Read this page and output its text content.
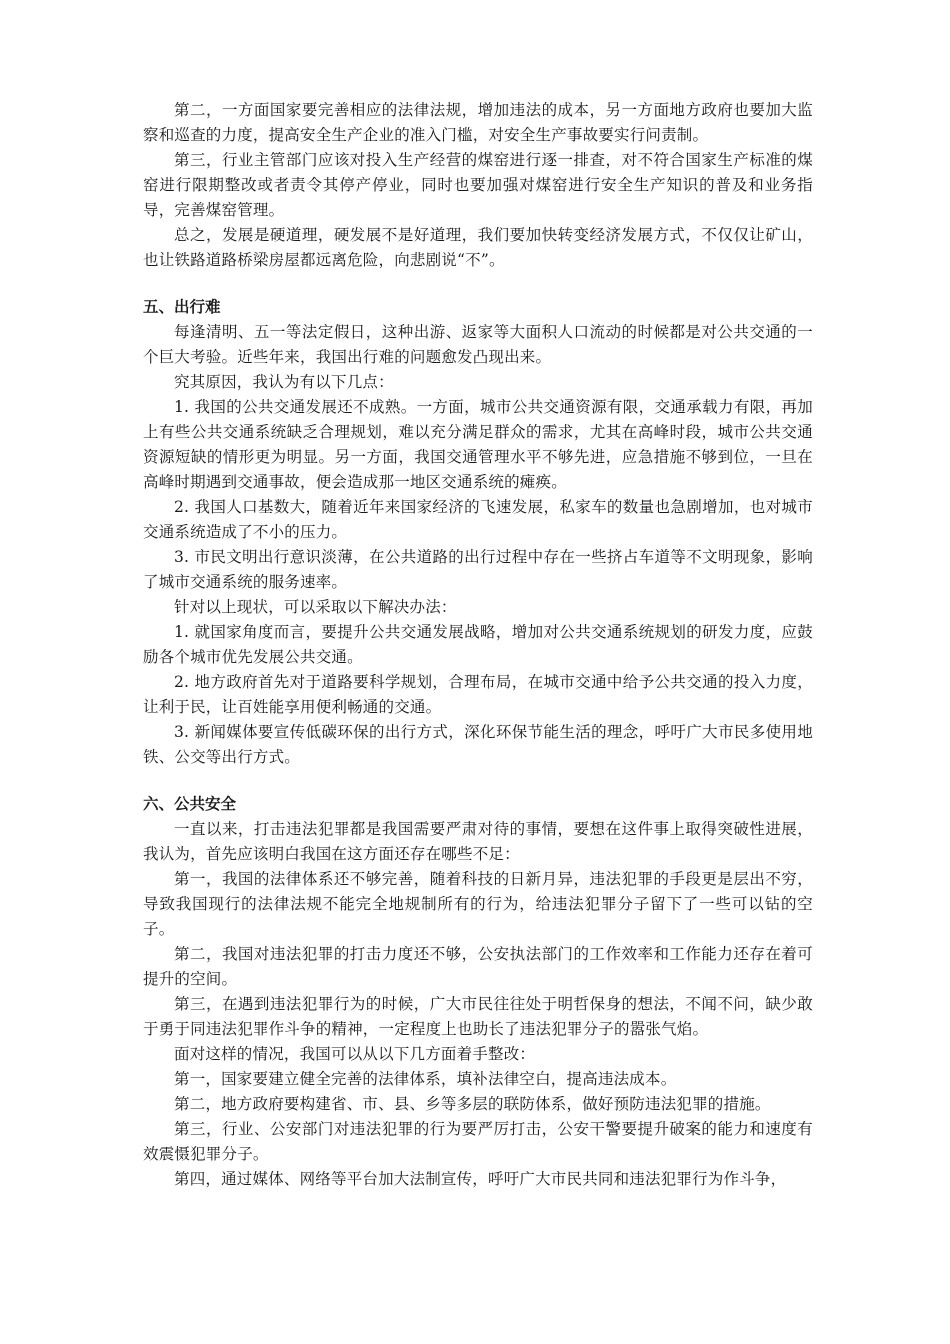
第二，一方面国家要完善相应的法律法规，增加违法的成本，另一方面地方政府也要加大监察和巡查的力度，提高安全生产企业的准入门槛，对安全生产事故要实行问责制。

第三，行业主管部门应该对投入生产经营的煤窑进行逐一排查，对不符合国家生产标准的煤窑进行限期整改或者责令其停产停业，同时也要加强对煤窑进行安全生产知识的普及和业务指导，完善煤窑管理。

总之，发展是硬道理，硬发展不是好道理，我们要加快转变经济发展方式，不仅仅让矿山，也让铁路道路桥梁房屋都远离危险，向悲剧说“不”。

五、出行难

每逢清明、五一等法定假日，这种出游、返家等大面积人口流动的时候都是对公共交通的一个巨大考验。近些年来，我国出行难的问题愈发凸现出来。

究其原因，我认为有以下几点：

1. 我国的公共交通发展还不成熟。一方面，城市公共交通资源有限，交通承载力有限，再加上有些公共交通系统缺乏合理规划，难以充分满足群众的需求，尤其在高峰时段，城市公共交通资源短缺的情形更为明显。另一方面，我国交通管理水平不够先进，应急措施不够到位，一旦在高峰时期遇到交通事故，便会造成那一地区交通系统的瘫痪。

2. 我国人口基数大，随着近年来国家经济的飞速发展，私家车的数量也急剧增加，也对城市交通系统造成了不小的压力。

3. 市民文明出行意识淡薄，在公共道路的出行过程中存在一些挤占车道等不文明现象，影响了城市交通系统的服务速率。

针对以上现状，可以采取以下解决办法：

1. 就国家角度而言，要提升公共交通发展战略，增加对公共交通系统规划的研发力度，应鼓励各个城市优先发展公共交通。

2. 地方政府首先对于道路要科学规划，合理布局，在城市交通中给予公共交通的投入力度，让利于民，让百姓能享用便利畅通的交通。

3. 新闻媒体要宣传低碳环保的出行方式，深化环保节能生活的理念，呼吁广大市民多使用地铁、公交等出行方式。

六、公共安全

一直以来，打击违法犯罪都是我国需要严肃对待的事情，要想在这件事上取得突破性进展，我认为，首先应该明白我国在这方面还存在哪些不足：

第一，我国的法律体系还不够完善，随着科技的日新月异，违法犯罪的手段更是层出不穷，导致我国现行的法律法规不能完全地规制所有的行为，给违法犯罪分子留下了一些可以钻的空子。

第二，我国对违法犯罪的打击力度还不够，公安执法部门的工作效率和工作能力还存在着可提升的空间。

第三，在遇到违法犯罪行为的时候，广大市民往往处于明哲保身的想法，不闻不问，缺少敢于勇于同违法犯罪作斗争的精神，一定程度上也助长了违法犯罪分子的嚣张气焰。

面对这样的情况，我国可以从以下几方面着手整改：

第一，国家要建立健全完善的法律体系，填补法律空白，提高违法成本。

第二，地方政府要构建省、市、县、乡等多层的联防体系，做好预防违法犯罪的措施。

第三，行业、公安部门对违法犯罪的行为要严厉打击，公安干警要提升破案的能力和速度有效震慑犯罪分子。

第四，通过媒体、网络等平台加大法制宣传，呼吁广大市民共同和违法犯罪行为作斗争，
